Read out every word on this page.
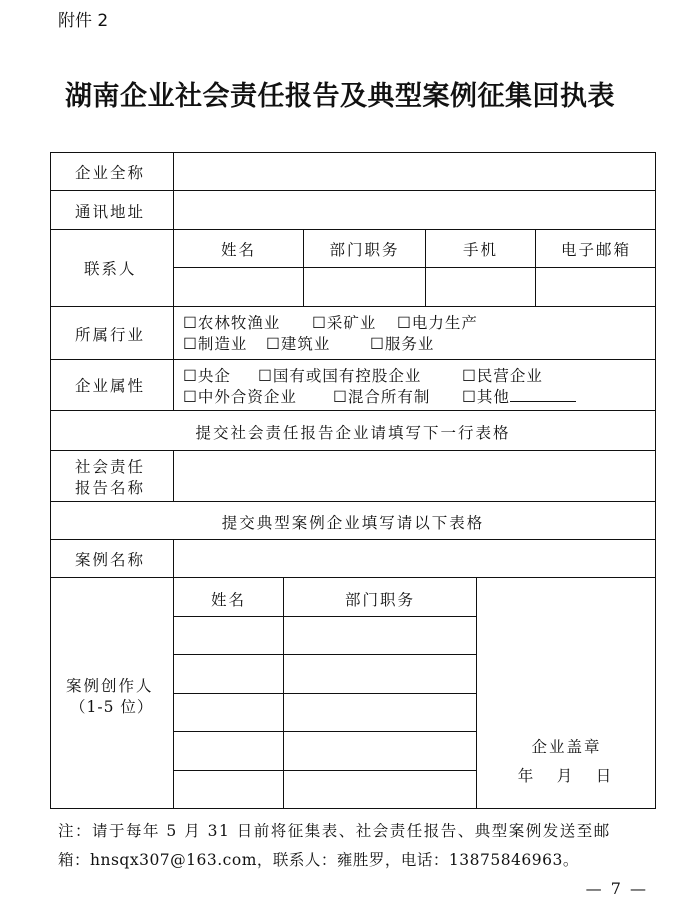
附件 2
湖南企业社会责任报告及典型案例征集回执表
企业全称
通讯地址
联系人
姓名	部门职务	手机	电子邮箱
所属行业
☐农林牧渔业 ☐采矿业 ☐电力生产
☐制造业 ☐建筑业	☐服务业
企业属性
☐央企 ☐国有或国有控股企业	☐民营企业
☐中外合资企业 ☐混合所有制 ☐其他
提交社会责任报告企业请填写下一行表格
社会责任
报告名称
提交典型案例企业填写请以下表格
案例名称
案例创作人
（1-5 位）
姓名	部门职务
企业盖章
年　月　日
注：请于每年 5 月 31 日前将征集表、社会责任报告、典型案例发送至邮
箱：hnsqx307@163.com，联系人：雍胜罗，电话：13875846963。
— 7 —
